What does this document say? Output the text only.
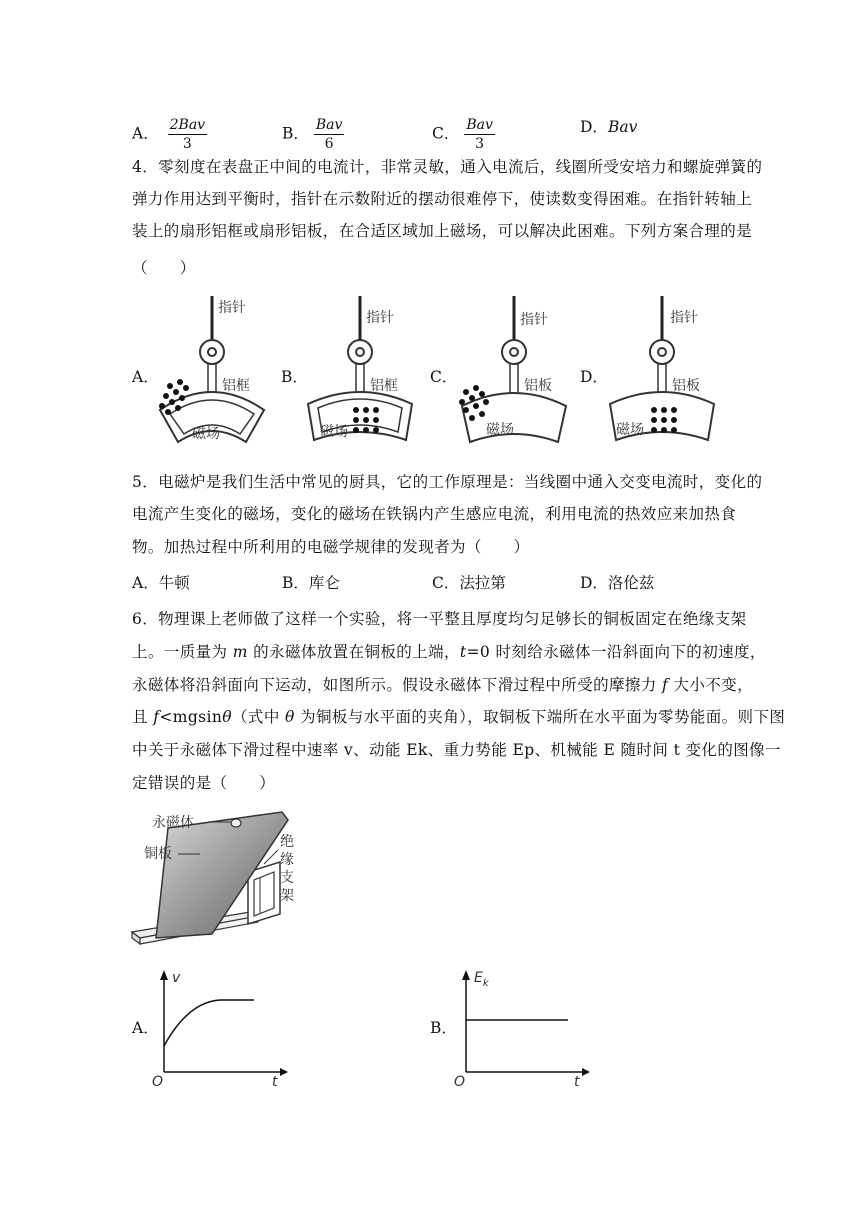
A． $\frac{\text{2Bav}}{3}$	B． $\frac{\text{Bav}}{6}$	C． $\frac{\text{Bav}}{3}$	D．Bav
4．零刻度在表盘正中间的电流计，非常灵敏，通入电流后，线圈所受安培力和螺旋弹簧的
弹力作用达到平衡时，指针在示数附近的摆动很难停下，使读数变得困难。在指针转轴上
装上的扇形铝框或扇形铝板，在合适区域加上磁场，可以解决此困难。下列方案合理的是
（　　）
A．	B．	C．	D．
指针
铝框
磁场
指针
铝框
磁场
指针
铝板
磁场
指针
铝板
磁场
5．电磁炉是我们生活中常见的厨具，它的工作原理是：当线圈中通入交变电流时，变化的
电流产生变化的磁场，变化的磁场在铁锅内产生感应电流，利用电流的热效应来加热食
物。加热过程中所利用的电磁学规律的发现者为（　　）
A．牛顿	B．库仑	C．法拉第	D．洛伦兹
6．物理课上老师做了这样一个实验，将一平整且厚度均匀足够长的铜板固定在绝缘支架
上。一质量为 m 的永磁体放置在铜板的上端，t=0 时刻给永磁体一沿斜面向下的初速度，
永磁体将沿斜面向下运动，如图所示。假设永磁体下滑过程中所受的摩擦力 f 大小不变，
且 f<mgsinθ（式中 θ 为铜板与水平面的夹角），取铜板下端所在水平面为零势能面。则下图
中关于永磁体下滑过程中速率 v、动能 Ek、重力势能 Ep、机械能 E 随时间 t 变化的图像一
定错误的是（　　）
永磁体
铜板
绝
缘
支
架
A．	B．
v
O	t
$E_k$
O	t
